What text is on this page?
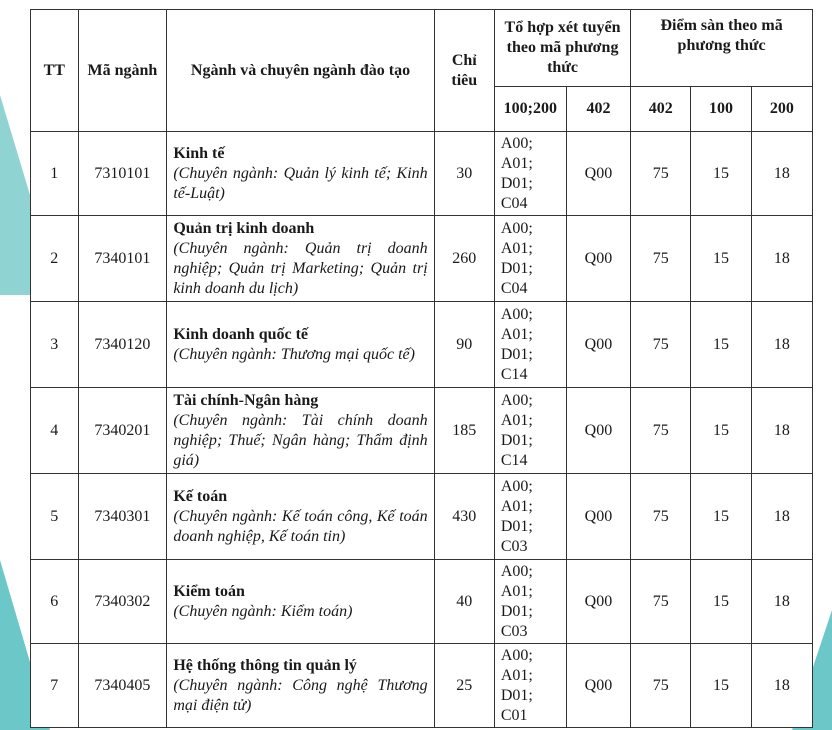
TT	Mã ngành	Ngành và chuyên ngành đào tạo	Chỉ tiêu	Tổ hợp xét tuyển theo mã phương thức		Điểm sàn theo mã phương thức		
				100;200	402	402	100	200
1	7310101	Kinh tế
(Chuyên ngành: Quản lý kinh tế; Kinh tế-Luật)	30	A00;
A01;
D01;
C04	Q00	75	15	18
2	7340101	Quản trị kinh doanh
(Chuyên ngành: Quản trị doanh nghiệp; Quản trị Marketing; Quản trị kinh doanh du lịch)	260	A00;
A01;
D01;
C04	Q00	75	15	18
3	7340120	Kinh doanh quốc tế
(Chuyên ngành: Thương mại quốc tế)	90	A00;
A01;
D01;
C14	Q00	75	15	18
4	7340201	Tài chính-Ngân hàng
(Chuyên ngành: Tài chính doanh nghiệp; Thuế; Ngân hàng; Thẩm định giá)	185	A00;
A01;
D01;
C14	Q00	75	15	18
5	7340301	Kế toán
(Chuyên ngành: Kế toán công, Kế toán doanh nghiệp, Kế toán tin)	430	A00;
A01;
D01;
C03	Q00	75	15	18
6	7340302	Kiểm toán
(Chuyên ngành: Kiểm toán)	40	A00;
A01;
D01;
C03	Q00	75	15	18
7	7340405	Hệ thống thông tin quản lý
(Chuyên ngành: Công nghệ Thương mại điện tử)	25	A00;
A01;
D01;
C01	Q00	75	15	18
